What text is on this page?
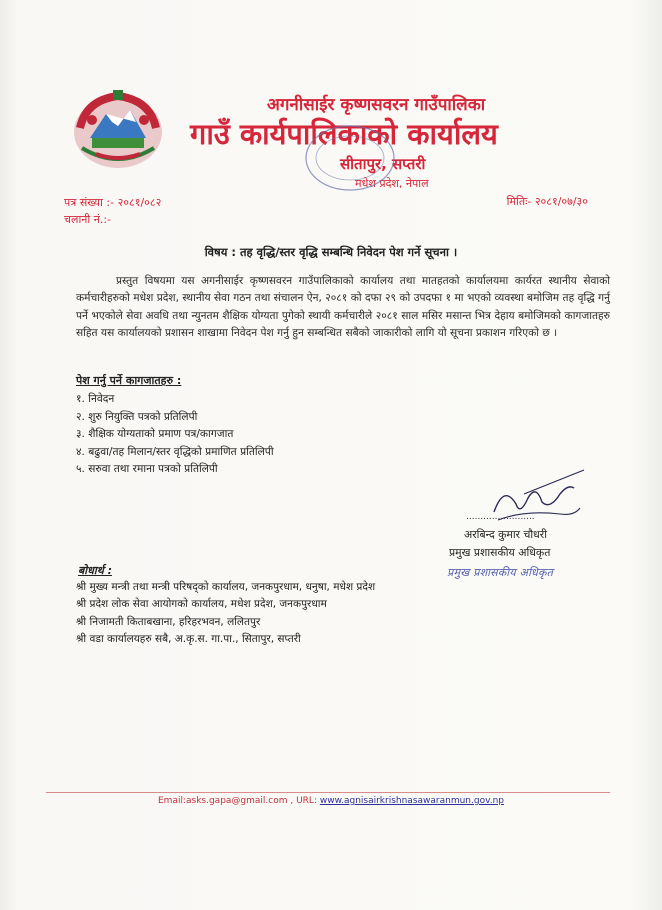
अगनीसाईर कृष्णसवरन गाउँपालिका
गाउँ कार्यपालिकाको कार्यालय
सीतापुर, सप्तरी
मधेश प्रदेश, नेपाल
पत्र संख्या :- २०८१/०८२
चलानी नं.:-
मितिः- २०८१/०७/३०
विषय : तह वृद्धि/स्तर वृद्धि सम्बन्धि निवेदन पेश गर्ने सूचना ।
प्रस्तुत विषयमा यस अगनीसाईर कृष्णसवरन गाउँपालिकाको कार्यालय तथा मातहतको कार्यालयमा कार्यरत स्थानीय सेवाको कर्मचारीहरुको मधेश प्रदेश, स्थानीय सेवा गठन तथा संचालन ऐन, २०८१ को दफा २९ को उपदफा १ मा भएको व्यवस्था बमोजिम तह वृद्धि गर्नु पर्ने भएकोले सेवा अवधि तथा न्युनतम शैक्षिक योग्यता पुगेको स्थायी कर्मचारीले २०८१ साल मसिर मसान्त भित्र देहाय बमोजिमको कागजातहरु सहित यस कार्यालयको प्रशासन शाखामा निवेदन पेश गर्नु हुन सम्बन्धित सबैको जाकारीको लागि यो सूचना प्रकाशन गरिएको छ ।
पेश गर्नु पर्ने कागजातहरु :
१. निवेदन
२. शुरु नियुक्ति पत्रको प्रतिलिपी
३. शैक्षिक योग्यताको प्रमाण पत्र/कागजात
४. बढुवा/तह मिलान/स्तर वृद्धिको प्रमाणित प्रतिलिपी
५. सरुवा तथा रमाना पत्रको प्रतिलिपी
........................
अरबिन्द कुमार चौधरी
प्रमुख प्रशासकीय अधिकृत
प्रमुख प्रशासकीय अधिकृत
बोधार्थ :
श्री मुख्य मन्त्री तथा मन्त्री परिषद्को कार्यालय, जनकपुरधाम, धनुषा, मधेश प्रदेश
श्री प्रदेश लोक सेवा आयोगको कार्यालय, मधेश प्रदेश, जनकपुरधाम
श्री निजामती किताबखाना, हरिहरभवन, ललितपुर
श्री वडा कार्यालयहरु सबै, अ.कृ.स. गा.पा., सितापुर, सप्तरी
Email:asks.gapa@gmail.com , URL: www.agnisairkrishnasawaranmun.gov.np
